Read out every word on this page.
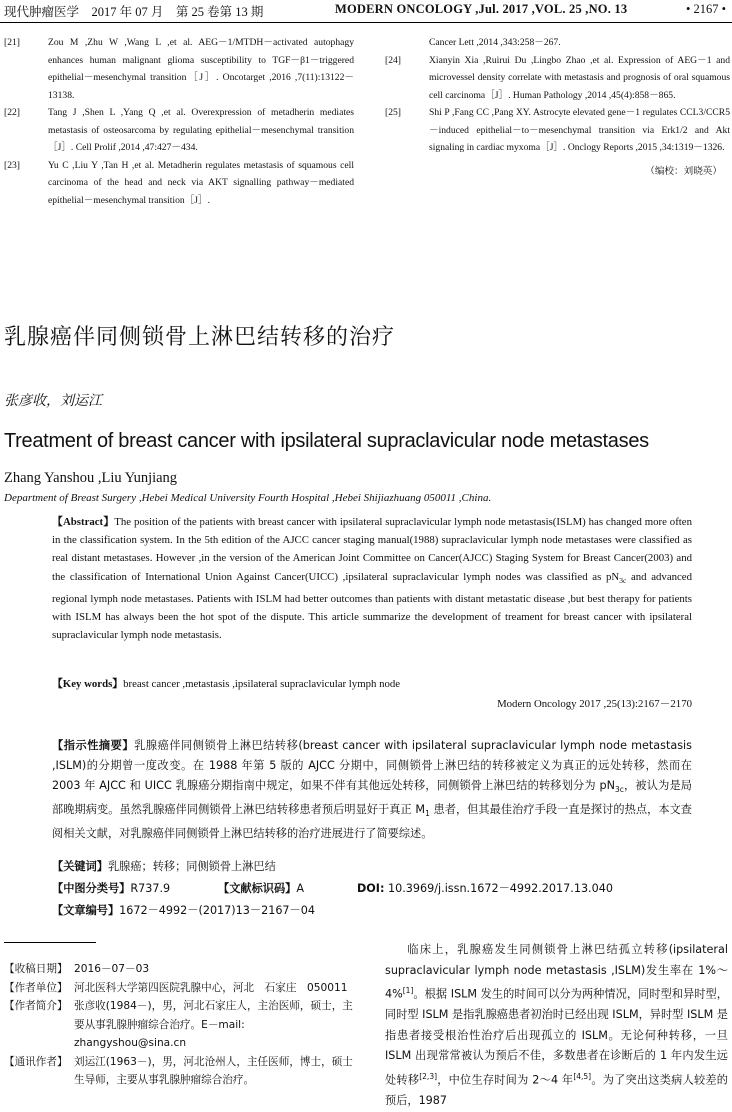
现代肿瘤医学　2017 年 07 月　第 25 卷第 13 期	MODERN ONCOLOGY ,Jul. 2017 ,VOL. 25 ,NO. 13	• 2167 •
[21]	Zou M ,Zhu W ,Wang L ,et al. AEG－1/MTDH－activated autophagy enhances human malignant glioma susceptibility to TGF－β1－triggered epithelial－mesenchymal transition［J］. Oncotarget ,2016 ,7(11):13122－13138.
[22]	Tang J ,Shen L ,Yang Q ,et al. Overexpression of metadherin mediates metastasis of osteosarcoma by regulating epithelial－mesenchymal transition［J］. Cell Prolif ,2014 ,47:427－434.
[23]	Yu C ,Liu Y ,Tan H ,et al. Metadherin regulates metastasis of squamous cell carcinoma of the head and neck via AKT signalling pathway－mediated epithelial－mesenchymal transition［J］.
Cancer Lett ,2014 ,343:258－267.
[24]	Xianyin Xia ,Ruirui Du ,Lingbo Zhao ,et al. Expression of AEG－1 and microvessel density correlate with metastasis and prognosis of oral squamous cell carcinoma［J］. Human Pathology ,2014 ,45(4):858－865.
[25]	Shi P ,Fang CC ,Pang XY. Astrocyte elevated gene－1 regulates CCL3/CCR5－induced epithelial－to－mesenchymal transition via Erk1/2 and Akt signaling in cardiac myxoma［J］. Onclogy Reports ,2015 ,34:1319－1326.
（编校：刘晓英）
乳腺癌伴同侧锁骨上淋巴结转移的治疗
张彦收，刘运江
Treatment of breast cancer with ipsilateral supraclavicular node metastases
Zhang Yanshou ,Liu Yunjiang
Department of Breast Surgery ,Hebei Medical University Fourth Hospital ,Hebei Shijiazhuang 050011 ,China.
【Abstract】The position of the patients with breast cancer with ipsilateral supraclavicular lymph node metastasis(ISLM) has changed more often in the classification system. In the 5th edition of the AJCC cancer staging manual(1988) supraclavicular lymph node metastases were classified as real distant metastases. However ,in the version of the American Joint Committee on Cancer(AJCC) Staging System for Breast Cancer(2003) and the classification of International Union Against Cancer(UICC) ,ipsilateral supraclavicular lymph nodes was classified as $pN_{3c}$ and advanced regional lymph node metastases. Patients with ISLM had better outcomes than patients with distant metastatic disease ,but best therapy for patients with ISLM has always been the hot spot of the dispute. This article summarize the development of treament for breast cancer with ipsilateral supraclavicular lymph node metastasis.
【Key words】breast cancer ,metastasis ,ipsilateral supraclavicular lymph node
Modern Oncology 2017 ,25(13):2167－2170
【指示性摘要】乳腺癌伴同侧锁骨上淋巴结转移(breast cancer with ipsilateral supraclavicular lymph node metastasis ,ISLM)的分期曾一度改变。在 1988 年第 5 版的 AJCC 分期中，同侧锁骨上淋巴结的转移被定义为真正的远处转移，然而在 2003 年 AJCC 和 UICC 乳腺癌分期指南中规定，如果不伴有其他远处转移，同侧锁骨上淋巴结的转移划分为 $pN_{3c}$，被认为是局部晚期病变。虽然乳腺癌伴同侧锁骨上淋巴结转移患者预后明显好于真正 $M_1$ 患者，但其最佳治疗手段一直是探讨的热点，本文查阅相关文献，对乳腺癌伴同侧锁骨上淋巴结转移的治疗进展进行了简要综述。
【关键词】乳腺癌；转移；同侧锁骨上淋巴结
【中图分类号】R737.9	【文献标识码】A	DOI: 10.3969/j.issn.1672－4992.2017.13.040
【文章编号】1672－4992－(2017)13－2167－04
【收稿日期】 2016－07－03
【作者单位】 河北医科大学第四医院乳腺中心，河北　石家庄　050011
【作者简介】 张彦收(1984－)，男，河北石家庄人，主治医师，硕士，主要从事乳腺肿瘤综合治疗。E－mail: zhangyshou@sina.cn
【通讯作者】 刘运江(1963－)，男，河北沧州人，主任医师，博士，硕士生导师，主要从事乳腺肿瘤综合治疗。
临床上，乳腺癌发生同侧锁骨上淋巴结孤立转移(ipsilateral supraclavicular lymph node metastasis ,ISLM)发生率在 1%～4%[1]。根据 ISLM 发生的时间可以分为两种情况，同时型和异时型，同时型 ISLM 是指乳腺癌患者初治时已经出现 ISLM，异时型 ISLM 是指患者接受根治性治疗后出现孤立的 ISLM。无论何种转移，一旦 ISLM 出现常常被认为预后不佳，多数患者在诊断后的 1 年内发生远处转移[2,3]，中位生存时间为 2～4 年[4,5]。为了突出这类病人较差的预后，1987
